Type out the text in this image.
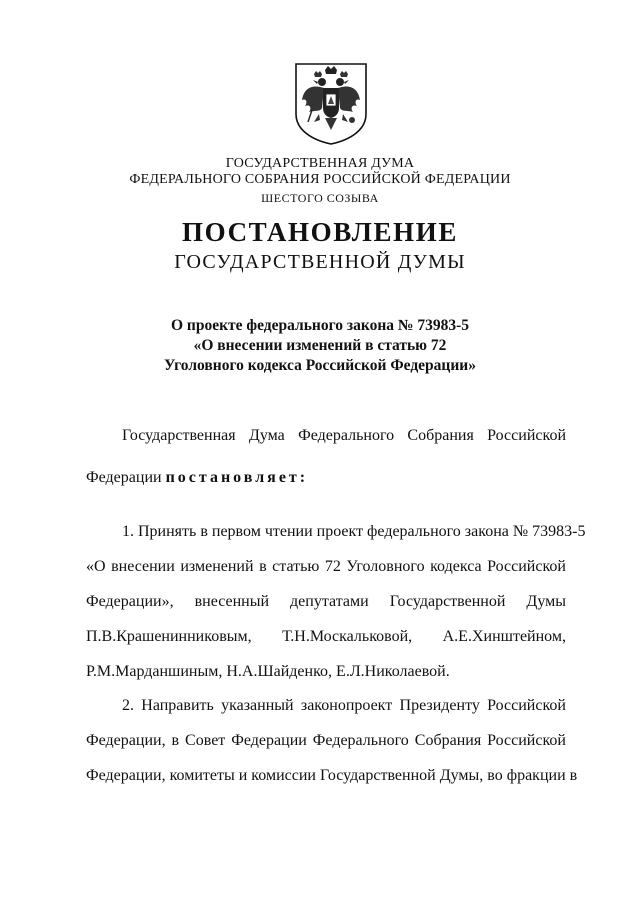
ГОСУДАРСТВЕННАЯ ДУМА
ФЕДЕРАЛЬНОГО СОБРАНИЯ РОССИЙСКОЙ ФЕДЕРАЦИИ
ШЕСТОГО СОЗЫВА
ПОСТАНОВЛЕНИЕ
ГОСУДАРСТВЕННОЙ ДУМЫ
О проекте федерального закона № 73983-5
«О внесении изменений в статью 72
Уголовного кодекса Российской Федерации»
Государственная Дума Федерального Собрания Российской
Федерации постановляет:
1. Принять в первом чтении проект федерального закона № 73983-5
«О внесении изменений в статью 72 Уголовного кодекса Российской
Федерации», внесенный депутатами Государственной Думы
П.В.Крашенинниковым, Т.Н.Москальковой, А.Е.Хинштейном,
Р.М.Марданшиным, Н.А.Шайденко, Е.Л.Николаевой.
2. Направить указанный законопроект Президенту Российской
Федерации, в Совет Федерации Федерального Собрания Российской
Федерации, комитеты и комиссии Государственной Думы, во фракции в
